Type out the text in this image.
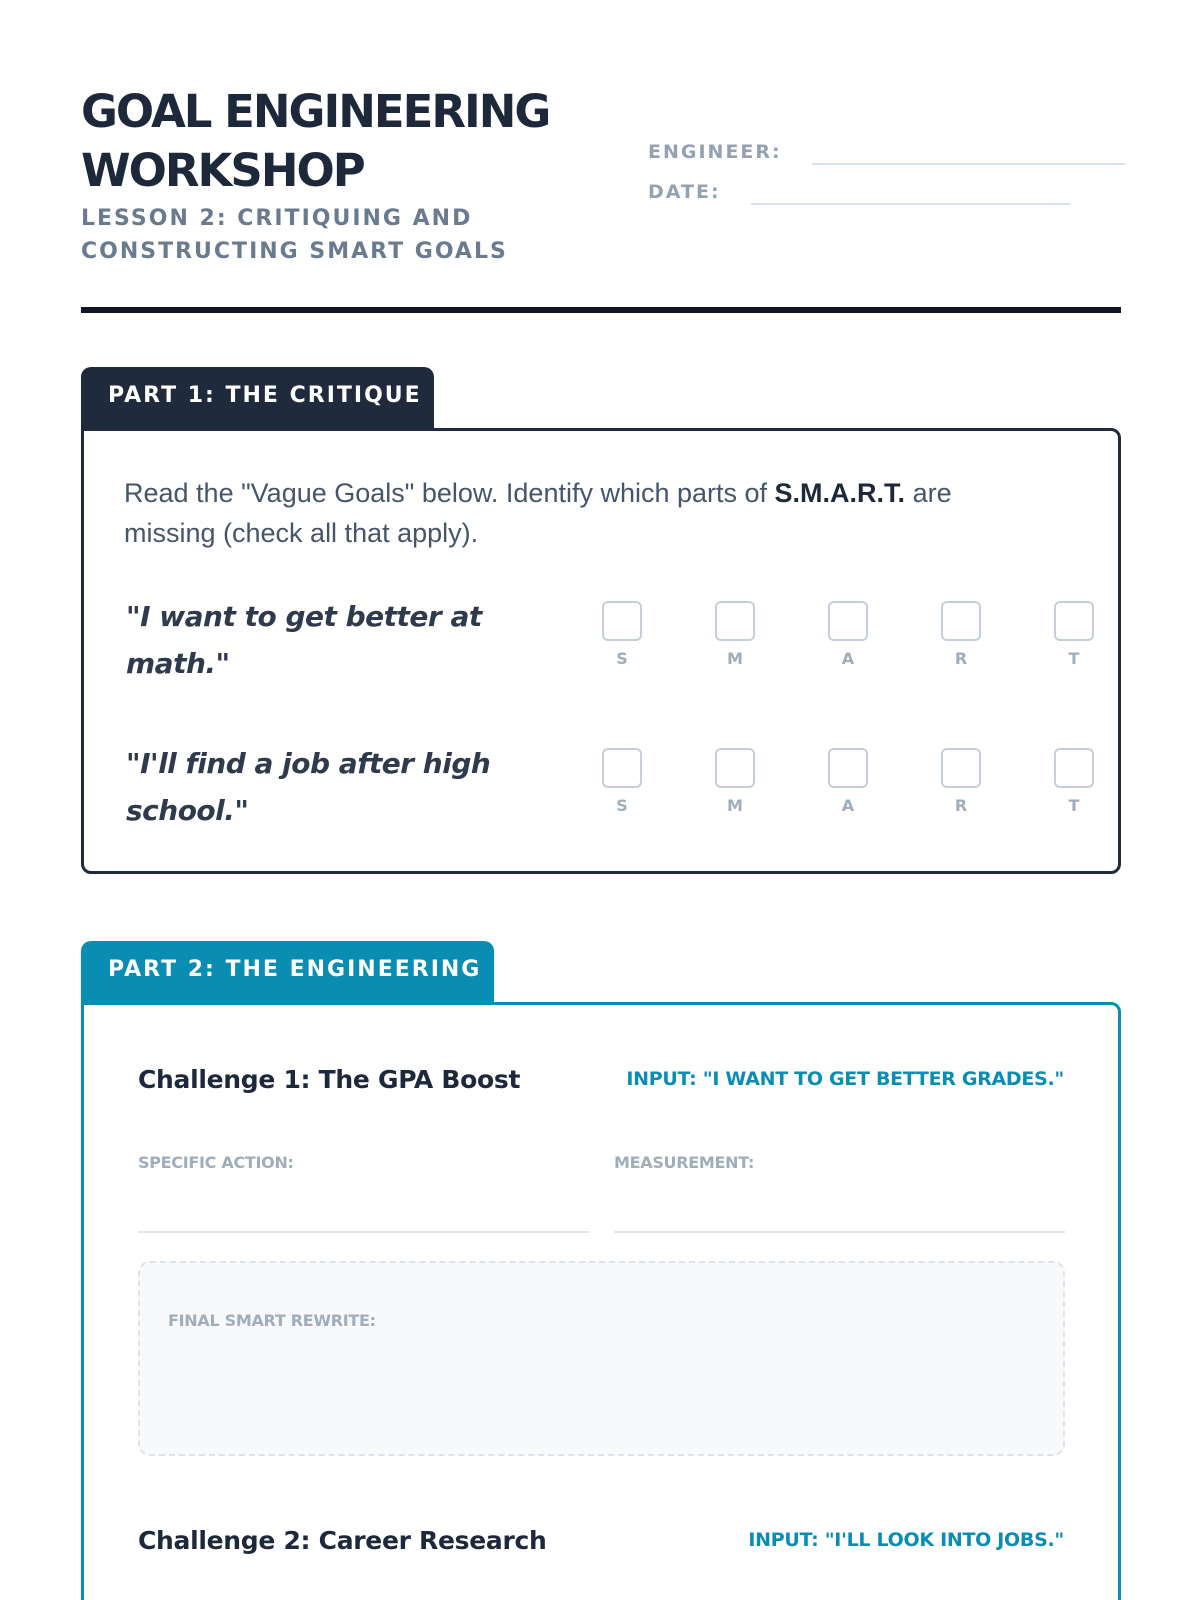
GOAL ENGINEERING WORKSHOP
LESSON 2: CRITIQUING AND CONSTRUCTING SMART GOALS
ENGINEER:
DATE:
PART 1: THE CRITIQUE

Read the "Vague Goals" below. Identify which parts of S.M.A.R.T. are missing (check all that apply).

"I want to get better at math."	S	M	A	R	T
"I'll find a job after high school."	S	M	A	R	T
PART 2: THE ENGINEERING
Challenge 1: The GPA Boost	INPUT: "I WANT TO GET BETTER GRADES."
SPECIFIC ACTION:	MEASUREMENT:
FINAL SMART REWRITE:
Challenge 2: Career Research	INPUT: "I'LL LOOK INTO JOBS."
